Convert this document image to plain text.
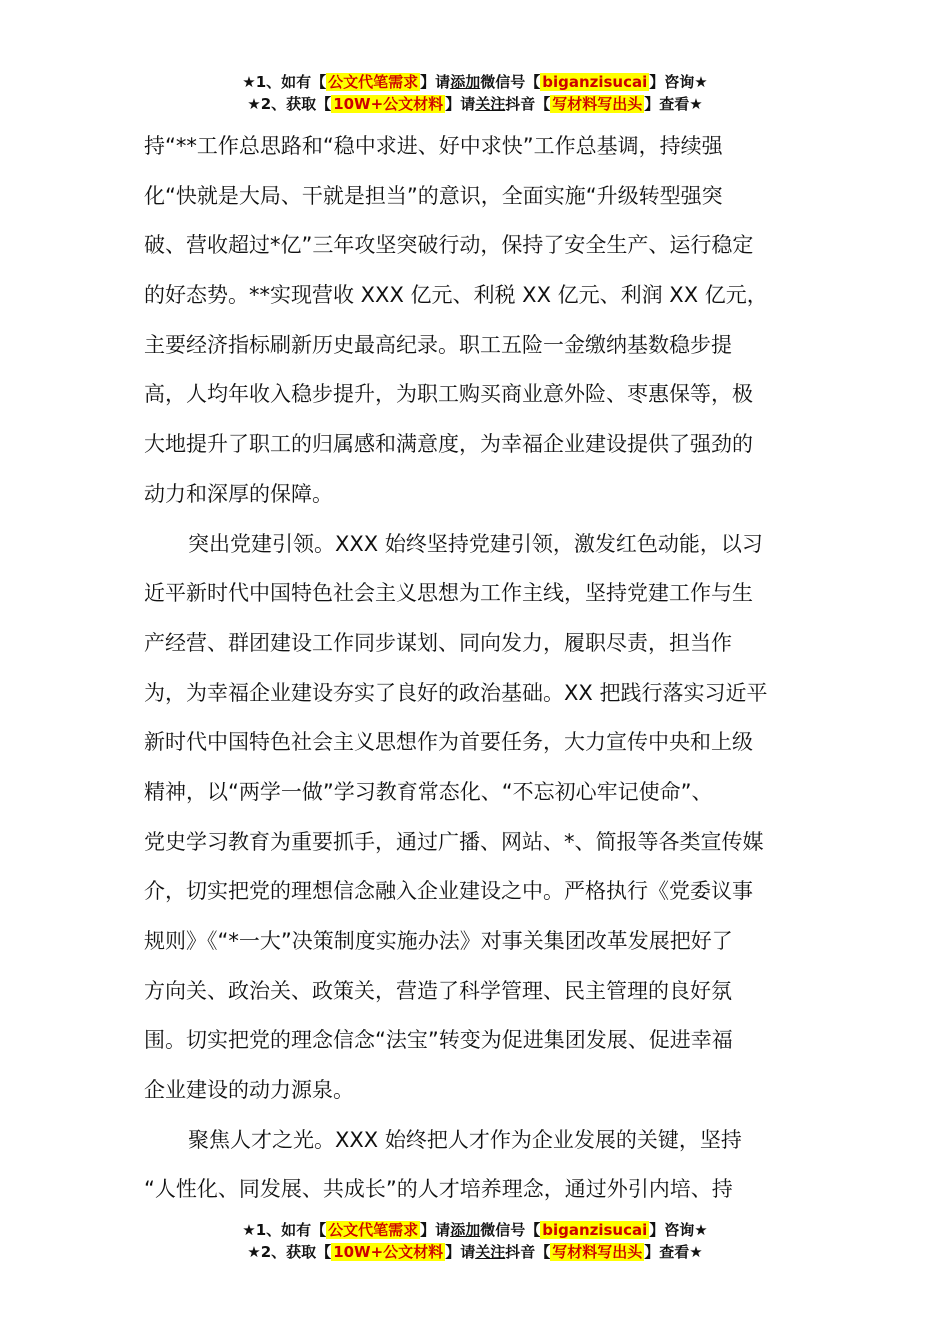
★1、如有【 公文代笔需求 】请添加微信号【 biganzisucai 】咨询★
★2、获取【 10W+公文材料 】请关注抖音【 写材料写出头 】查看★
持“**工作总思路和“稳中求进、好中求快”工作总基调，持续强
化“快就是大局、干就是担当”的意识，全面实施“升级转型强突
破、营收超过*亿”三年攻坚突破行动，保持了安全生产、运行稳定
的好态势。**实现营收 XXX 亿元、利税 XX 亿元、利润 XX 亿元，
主要经济指标刷新历史最高纪录。职工五险一金缴纳基数稳步提
高，人均年收入稳步提升，为职工购买商业意外险、枣惠保等，极
大地提升了职工的归属感和满意度，为幸福企业建设提供了强劲的
动力和深厚的保障。
突出党建引领。XXX 始终坚持党建引领，激发红色动能，以习
近平新时代中国特色社会主义思想为工作主线，坚持党建工作与生
产经营、群团建设工作同步谋划、同向发力，履职尽责，担当作
为，为幸福企业建设夯实了良好的政治基础。XX 把践行落实习近平
新时代中国特色社会主义思想作为首要任务，大力宣传中央和上级
精神，以“两学一做”学习教育常态化、“不忘初心牢记使命”、
党史学习教育为重要抓手，通过广播、网站、*、简报等各类宣传媒
介，切实把党的理想信念融入企业建设之中。严格执行《党委议事
规则》《“*一大”决策制度实施办法》对事关集团改革发展把好了
方向关、政治关、政策关，营造了科学管理、民主管理的良好氛
围。切实把党的理念信念“法宝”转变为促进集团发展、促进幸福
企业建设的动力源泉。
聚焦人才之光。XXX 始终把人才作为企业发展的关键，坚持
“人性化、同发展、共成长”的人才培养理念，通过外引内培、持
★1、如有【 公文代笔需求 】请添加微信号【 biganzisucai 】咨询★
★2、获取【 10W+公文材料 】请关注抖音【 写材料写出头 】查看★
